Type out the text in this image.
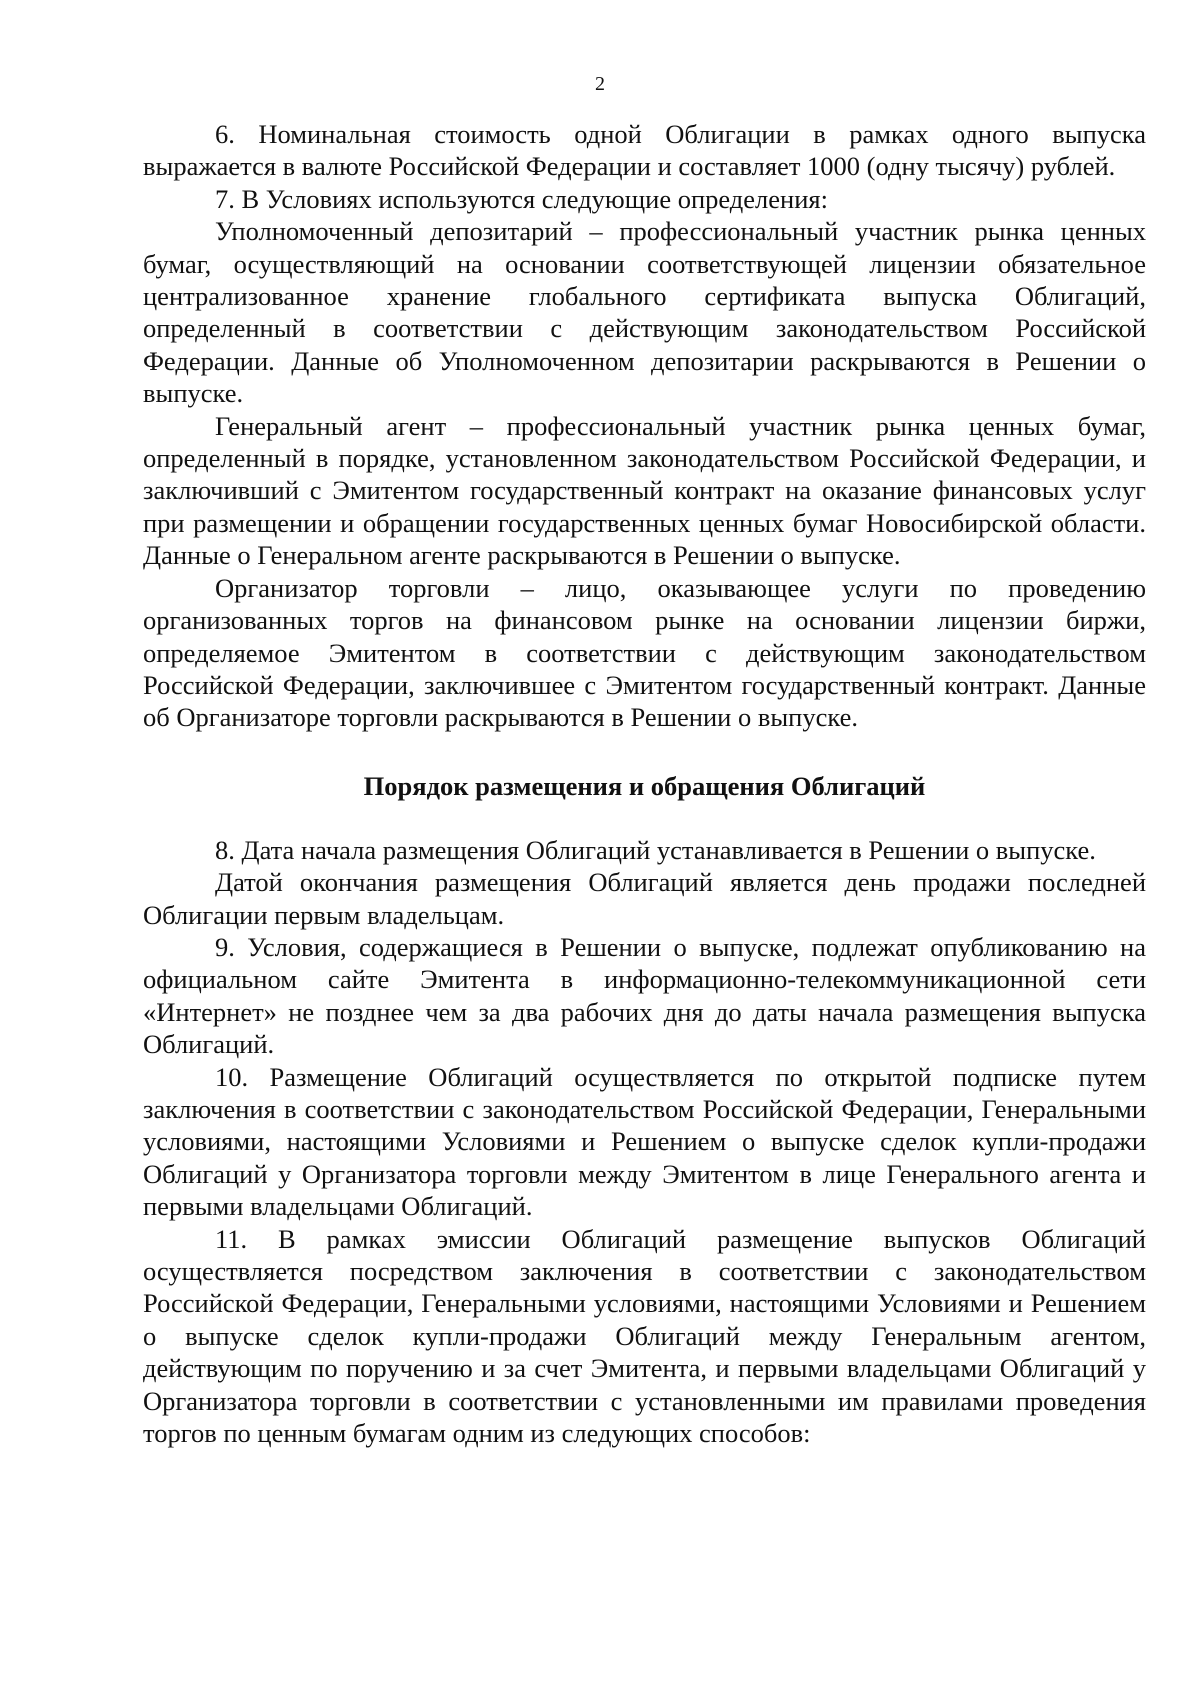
2

6. Номинальная стоимость одной Облигации в рамках одного выпуска выражается в валюте Российской Федерации и составляет 1000 (одну тысячу) рублей.

7. В Условиях используются следующие определения:

Уполномоченный депозитарий – профессиональный участник рынка ценных бумаг, осуществляющий на основании соответствующей лицензии обязательное централизованное хранение глобального сертификата выпуска Облигаций, определенный в соответствии с действующим законодательством Российской Федерации. Данные об Уполномоченном депозитарии раскрываются в Решении о выпуске.

Генеральный агент – профессиональный участник рынка ценных бумаг, определенный в порядке, установленном законодательством Российской Федерации, и заключивший с Эмитентом государственный контракт на оказание финансовых услуг при размещении и обращении государственных ценных бумаг Новосибирской области. Данные о Генеральном агенте раскрываются в Решении о выпуске.

Организатор торговли – лицо, оказывающее услуги по проведению организованных торгов на финансовом рынке на основании лицензии биржи, определяемое Эмитентом в соответствии с действующим законодательством Российской Федерации, заключившее с Эмитентом государственный контракт. Данные об Организаторе торговли раскрываются в Решении о выпуске.

Порядок размещения и обращения Облигаций

8. Дата начала размещения Облигаций устанавливается в Решении о выпуске.

Датой окончания размещения Облигаций является день продажи последней Облигации первым владельцам.

9. Условия, содержащиеся в Решении о выпуске, подлежат опубликованию на официальном сайте Эмитента в информационно-телекоммуникационной сети «Интернет» не позднее чем за два рабочих дня до даты начала размещения выпуска Облигаций.

10. Размещение Облигаций осуществляется по открытой подписке путем заключения в соответствии с законодательством Российской Федерации, Генеральными условиями, настоящими Условиями и Решением о выпуске сделок купли-продажи Облигаций у Организатора торговли между Эмитентом в лице Генерального агента и первыми владельцами Облигаций.

11. В рамках эмиссии Облигаций размещение выпусков Облигаций осуществляется посредством заключения в соответствии с законодательством Российской Федерации, Генеральными условиями, настоящими Условиями и Решением о выпуске сделок купли-продажи Облигаций между Генеральным агентом, действующим по поручению и за счет Эмитента, и первыми владельцами Облигаций у Организатора торговли в соответствии с установленными им правилами проведения торгов по ценным бумагам одним из следующих способов:
